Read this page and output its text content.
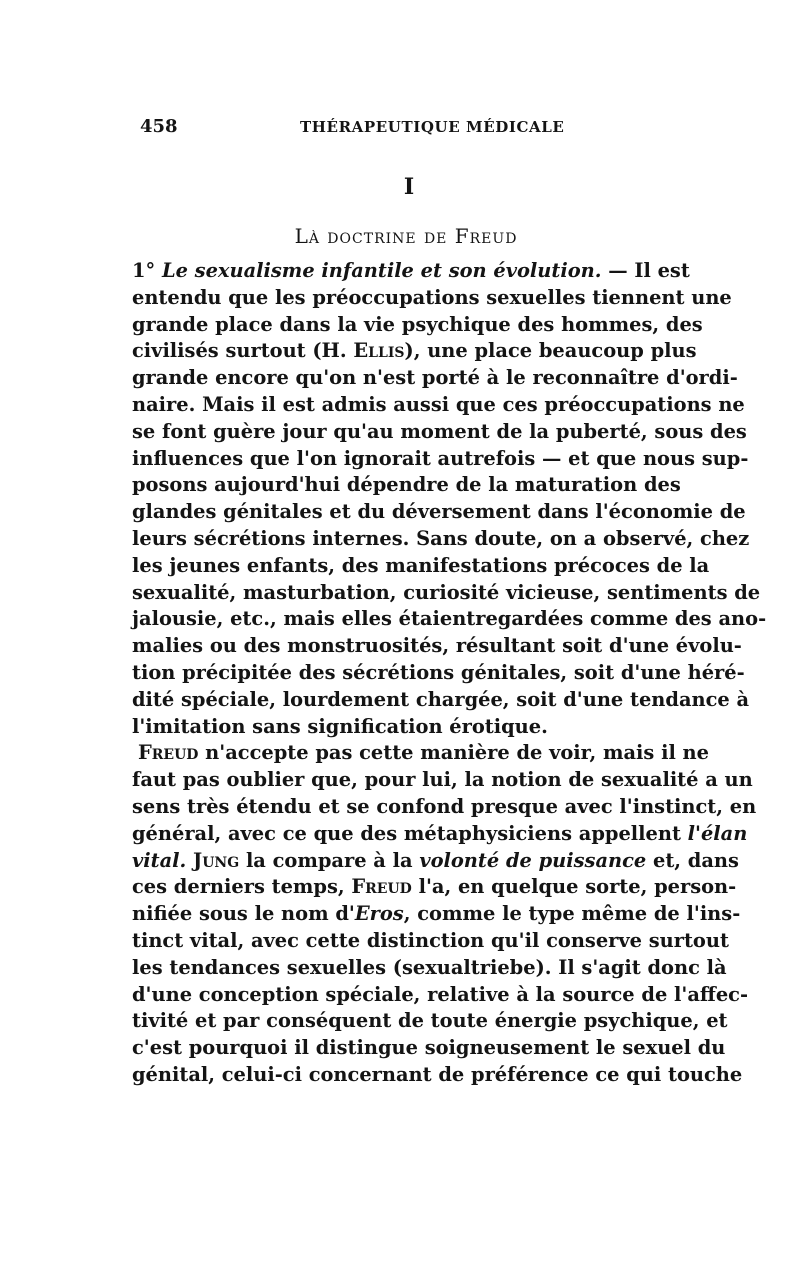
458	THÉRAPEUTIQUE MÉDICALE
I
Là doctrine de Freud
1° Le sexualisme infantile et son évolution. — Il est
entendu que les préoccupations sexuelles tiennent une
grande place dans la vie psychique des hommes, des
civilisés surtout (H. Ellis), une place beaucoup plus
grande encore qu'on n'est porté à le reconnaître d'ordi-
naire. Mais il est admis aussi que ces préoccupations ne
se font guère jour qu'au moment de la puberté, sous des
influences que l'on ignorait autrefois — et que nous sup-
posons aujourd'hui dépendre de la maturation des
glandes génitales et du déversement dans l'économie de
leurs sécrétions internes. Sans doute, on a observé, chez
les jeunes enfants, des manifestations précoces de la
sexualité, masturbation, curiosité vicieuse, sentiments de
jalousie, etc., mais elles étaientregardées comme des ano-
malies ou des monstruosités, résultant soit d'une évolu-
tion précipitée des sécrétions génitales, soit d'une héré-
dité spéciale, lourdement chargée, soit d'une tendance à
l'imitation sans signification érotique.
Freud n'accepte pas cette manière de voir, mais il ne
faut pas oublier que, pour lui, la notion de sexualité a un
sens très étendu et se confond presque avec l'instinct, en
général, avec ce que des métaphysiciens appellent l'élan
vital. Jung la compare à la volonté de puissance et, dans
ces derniers temps, Freud l'a, en quelque sorte, person-
nifiée sous le nom d'Eros, comme le type même de l'ins-
tinct vital, avec cette distinction qu'il conserve surtout
les tendances sexuelles (sexualtriebe). Il s'agit donc là
d'une conception spéciale, relative à la source de l'affec-
tivité et par conséquent de toute énergie psychique, et
c'est pourquoi il distingue soigneusement le sexuel du
génital, celui-ci concernant de préférence ce qui touche
